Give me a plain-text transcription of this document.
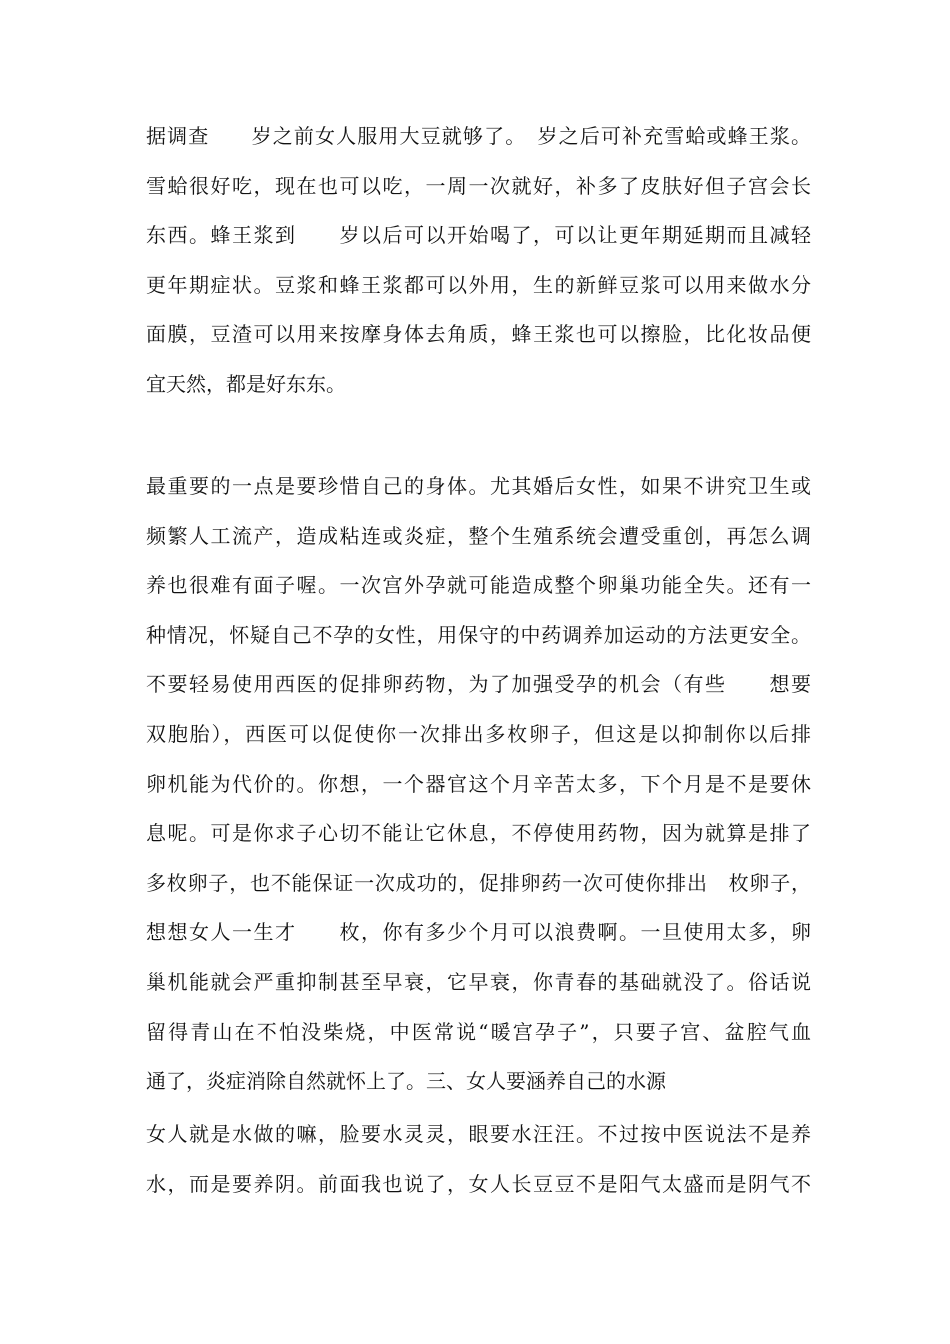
据调查　　岁之前女人服用大豆就够了。　岁之后可补充雪蛤或蜂王浆。
雪蛤很好吃，现在也可以吃，一周一次就好，补多了皮肤好但子宫会长
东西。蜂王浆到　　岁以后可以开始喝了，可以让更年期延期而且减轻
更年期症状。豆浆和蜂王浆都可以外用，生的新鲜豆浆可以用来做水分
面膜，豆渣可以用来按摩身体去角质，蜂王浆也可以擦脸，比化妆品便
宜天然，都是好东东。
最重要的一点是要珍惜自己的身体。尤其婚后女性，如果不讲究卫生或
频繁人工流产，造成粘连或炎症，整个生殖系统会遭受重创，再怎么调
养也很难有面子喔。一次宫外孕就可能造成整个卵巢功能全失。还有一
种情况，怀疑自己不孕的女性，用保守的中药调养加运动的方法更安全。
不要轻易使用西医的促排卵药物，为了加强受孕的机会（有些　　想要
双胞胎），西医可以促使你一次排出多枚卵子，但这是以抑制你以后排
卵机能为代价的。你想，一个器官这个月辛苦太多，下个月是不是要休
息呢。可是你求子心切不能让它休息，不停使用药物，因为就算是排了
多枚卵子，也不能保证一次成功的，促排卵药一次可使你排出　枚卵子，
想想女人一生才　　枚，你有多少个月可以浪费啊。一旦使用太多，卵
巢机能就会严重抑制甚至早衰，它早衰，你青春的基础就没了。俗话说
留得青山在不怕没柴烧，中医常说“暖宫孕子”，只要子宫、盆腔气血
通了，炎症消除自然就怀上了。三、女人要涵养自己的水源
女人就是水做的嘛，脸要水灵灵，眼要水汪汪。不过按中医说法不是养
水，而是要养阴。前面我也说了，女人长豆豆不是阳气太盛而是阴气不
